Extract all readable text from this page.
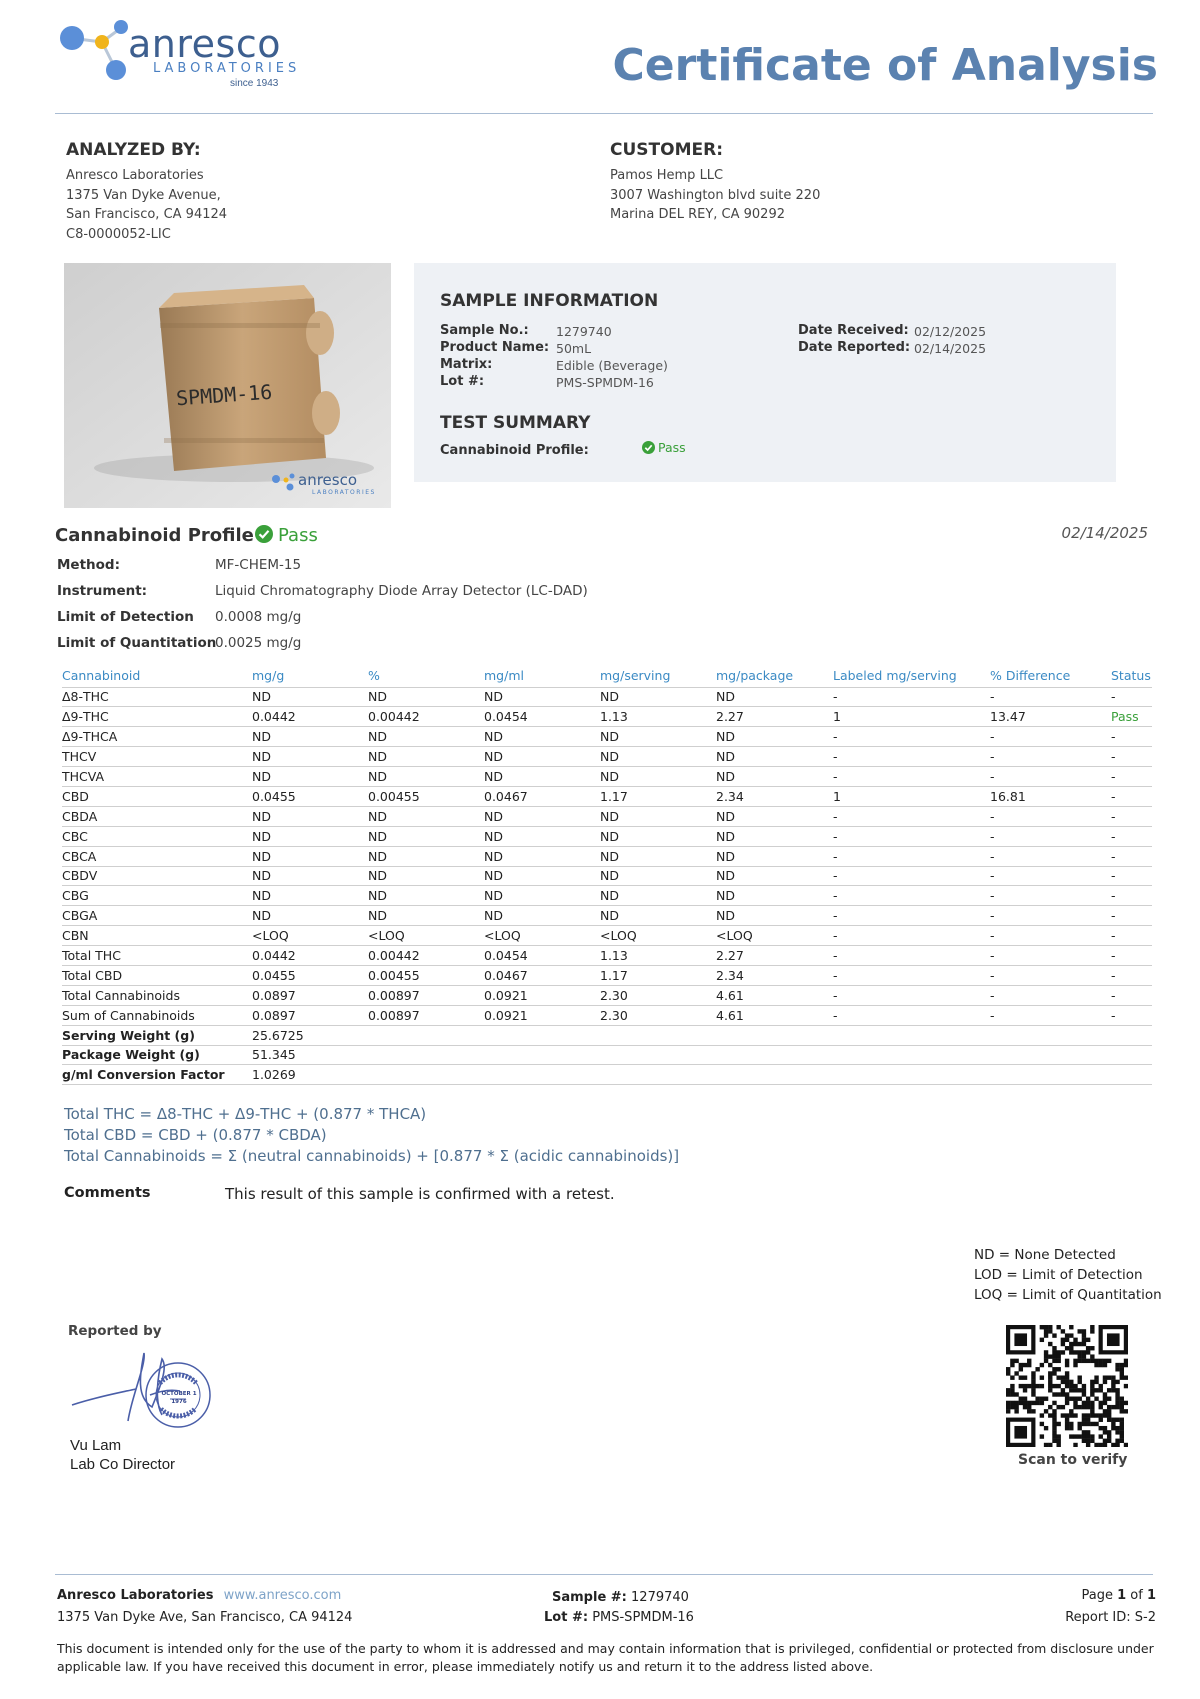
anresco
LABORATORIES
since 1943	Certificate of Analysis
ANALYZED BY:
Anresco Laboratories
1375 Van Dyke Avenue,
San Francisco, CA 94124
C8-0000052-LIC
CUSTOMER:
Pamos Hemp LLC
3007 Washington blvd suite 220
Marina DEL REY, CA 90292
SPMDM-16
anresco
LABORATORIES
SAMPLE INFORMATION
Sample No.: 1279740
Product Name: 50mL
Matrix:	Edible (Beverage)
Lot #:	PMS-SPMDM-16
Date Received: 02/12/2025
Date Reported: 02/14/2025
TEST SUMMARY
Cannabinoid Profile:	Pass
Cannabinoid Profile Pass	02/14/2025
Method:	MF-CHEM-15
Instrument:	Liquid Chromatography Diode Array Detector (LC-DAD)
Limit of Detection 0.0008 mg/g
Limit of Quantitation
0.0025 mg/g
Cannabinoid	mg/g	%	mg/ml	mg/serving	mg/package	Labeled mg/serving	% Difference	Status
Δ8-THC	ND	ND	ND	ND	ND	-	-	-
Δ9-THC	0.0442	0.00442	0.0454	1.13	2.27	1	13.47	Pass
Δ9-THCA	ND	ND	ND	ND	ND	-	-	-
THCV	ND	ND	ND	ND	ND	-	-	-
THCVA	ND	ND	ND	ND	ND	-	-	-
CBD	0.0455	0.00455	0.0467	1.17	2.34	1	16.81	-
CBDA	ND	ND	ND	ND	ND	-	-	-
CBC	ND	ND	ND	ND	ND	-	-	-
CBCA	ND	ND	ND	ND	ND	-	-	-
CBDV	ND	ND	ND	ND	ND	-	-	-
CBG	ND	ND	ND	ND	ND	-	-	-
CBGA	ND	ND	ND	ND	ND	-	-	-
CBN	<LOQ	<LOQ	<LOQ	<LOQ	<LOQ	-	-	-
Total THC	0.0442	0.00442	0.0454	1.13	2.27	-	-	-
Total CBD	0.0455	0.00455	0.0467	1.17	2.34	-	-	-
Total Cannabinoids	0.0897	0.00897	0.0921	2.30	4.61	-	-	-
Sum of Cannabinoids	0.0897	0.00897	0.0921	2.30	4.61	-	-	-
Serving Weight (g)	25.6725							
Package Weight (g)	51.345							
g/ml Conversion Factor	1.0269							
Total THC = Δ8-THC + Δ9-THC + (0.877 * THCA)
Total CBD = CBD + (0.877 * CBDA)
Total Cannabinoids = Σ (neutral cannabinoids) + [0.877 * Σ (acidic cannabinoids)]
Comments	This result of this sample is confirmed with a retest.
ND = None Detected
LOD = Limit of Detection
LOQ = Limit of Quantitation
Reported by
OCTOBER 1
1976
Vu Lam
Lab Co Director	Scan to verify
Anresco Laboratories www.anresco.com
1375 Van Dyke Ave, San Francisco, CA 94124
Sample #: 1279740
Lot #: PMS-SPMDM-16
Page 1 of 1
Report ID: S-2
This document is intended only for the use of the party to whom it is addressed and may contain information that is privileged, confidential or protected from disclosure under applicable law. If you have received this document in error, please immediately notify us and return it to the address listed above.
